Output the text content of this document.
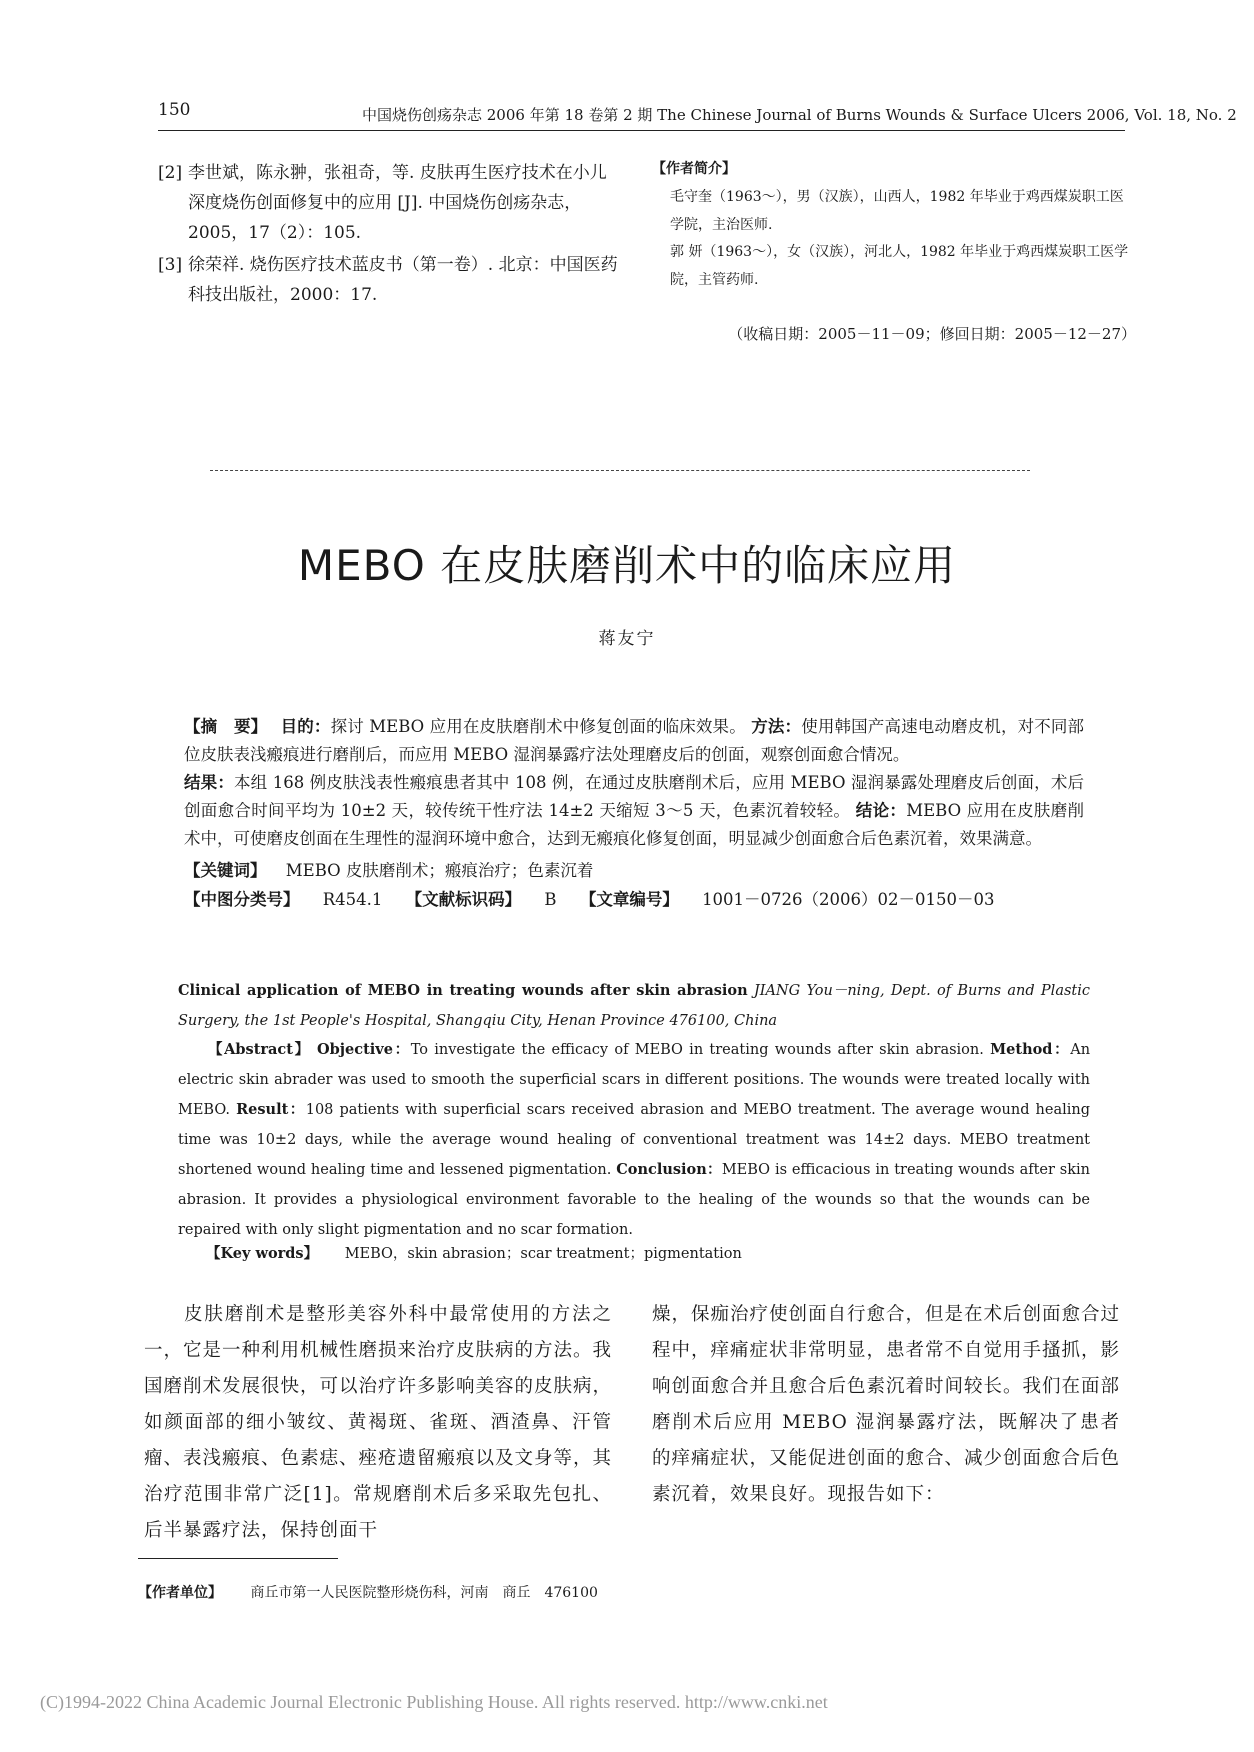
150	中国烧伤创疡杂志 2006 年第 18 卷第 2 期 The Chinese Journal of Burns Wounds & Surface Ulcers 2006, Vol. 18, No. 2
[2] 李世斌，陈永翀，张祖奇，等. 皮肤再生医疗技术在小儿深度烧伤创面修复中的应用 [J]. 中国烧伤创疡杂志，2005，17（2）：105.
[3] 徐荣祥. 烧伤医疗技术蓝皮书（第一卷）. 北京：中国医药科技出版社，2000：17.
【作者简介】
毛守奎（1963～），男（汉族），山西人，1982 年毕业于鸡西煤炭职工医学院，主治医师.
郭 妍（1963～），女（汉族），河北人，1982 年毕业于鸡西煤炭职工医学院，主管药师.
（收稿日期：2005－11－09；修回日期：2005－12－27）
MEBO 在皮肤磨削术中的临床应用
蒋友宁
【摘　要】 目的：探讨 MEBO 应用在皮肤磨削术中修复创面的临床效果。 方法：使用韩国产高速电动磨皮机，对不同部位皮肤表浅瘢痕进行磨削后，而应用 MEBO 湿润暴露疗法处理磨皮后的创面，观察创面愈合情况。
结果：本组 168 例皮肤浅表性瘢痕患者其中 108 例，在通过皮肤磨削术后，应用 MEBO 湿润暴露处理磨皮后创面，术后创面愈合时间平均为 10±2 天，较传统干性疗法 14±2 天缩短 3～5 天，色素沉着较轻。 结论：MEBO 应用在皮肤磨削术中，可使磨皮创面在生理性的湿润环境中愈合，达到无瘢痕化修复创面，明显减少创面愈合后色素沉着，效果满意。
【关键词】 MEBO 皮肤磨削术；瘢痕治疗；色素沉着
【中图分类号】 R454.1 【文献标识码】 B 【文章编号】 1001－0726（2006）02－0150－03
Clinical application of MEBO in treating wounds after skin abrasion JIANG You－ning, Dept. of Burns and Plastic Surgery, the 1st People's Hospital, Shangqiu City, Henan Province 476100, China
【Abstract】 Objective：To investigate the efficacy of MEBO in treating wounds after skin abrasion. Method：An electric skin abrader was used to smooth the superficial scars in different positions. The wounds were treated locally with MEBO. Result：108 patients with superficial scars received abrasion and MEBO treatment. The average wound healing time was 10±2 days, while the average wound healing of conventional treatment was 14±2 days. MEBO treatment shortened wound healing time and lessened pigmentation. Conclusion：MEBO is efficacious in treating wounds after skin abrasion. It provides a physiological environment favorable to the healing of the wounds so that the wounds can be repaired with only slight pigmentation and no scar formation.
【Key words】 MEBO，skin abrasion；scar treatment；pigmentation
皮肤磨削术是整形美容外科中最常使用的方法之一，它是一种利用机械性磨损来治疗皮肤病的方法。我国磨削术发展很快，可以治疗许多影响美容的皮肤病，如颜面部的细小皱纹、黄褐斑、雀斑、酒渣鼻、汗管瘤、表浅瘢痕、色素痣、痤疮遗留瘢痕以及文身等，其治疗范围非常广泛[1]。常规磨削术后多采取先包扎、后半暴露疗法，保持创面干
燥，保痂治疗使创面自行愈合，但是在术后创面愈合过程中，痒痛症状非常明显，患者常不自觉用手搔抓，影响创面愈合并且愈合后色素沉着时间较长。我们在面部磨削术后应用 MEBO 湿润暴露疗法，既解决了患者的痒痛症状，又能促进创面的愈合、减少创面愈合后色素沉着，效果良好。现报告如下：
【作者单位】 商丘市第一人民医院整形烧伤科，河南　商丘　476100
(C)1994-2022 China Academic Journal Electronic Publishing House. All rights reserved. http://www.cnki.net
